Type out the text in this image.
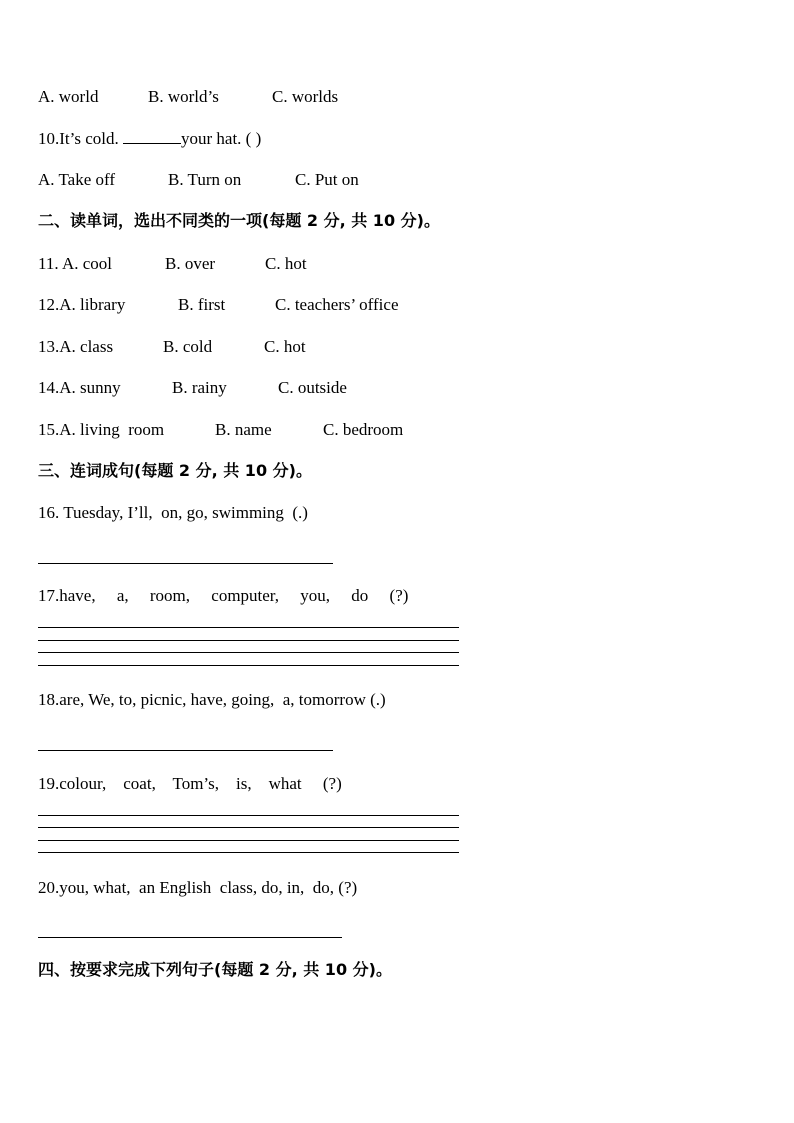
A. world	B. world’s	C. worlds
10.It’s cold.	your hat. ( )
A. Take off	B. Turn on	C. Put on
二、读单词，选出不同类的一项(每题 2 分, 共 10 分)。
11. A. cool	B. over	C. hot
12.A. library	B. first	C. teachers’ office
13.A. class	B. cold	C. hot
14.A. sunny	B. rainy	C. outside
15.A. living  room	B. name	C. bedroom
三、连词成句(每题 2 分, 共 10 分)。
16. Tuesday, I’ll,  on, go, swimming  (.)
17.have,     a,     room,     computer,     you,     do     (?)
18.are, We, to, picnic, have, going,  a, tomorrow (.)
19.colour,    coat,    Tom’s,    is,    what     (?)
20.you, what,  an English  class, do, in,  do, (?)
四、按要求完成下列句子(每题 2 分, 共 10 分)。
